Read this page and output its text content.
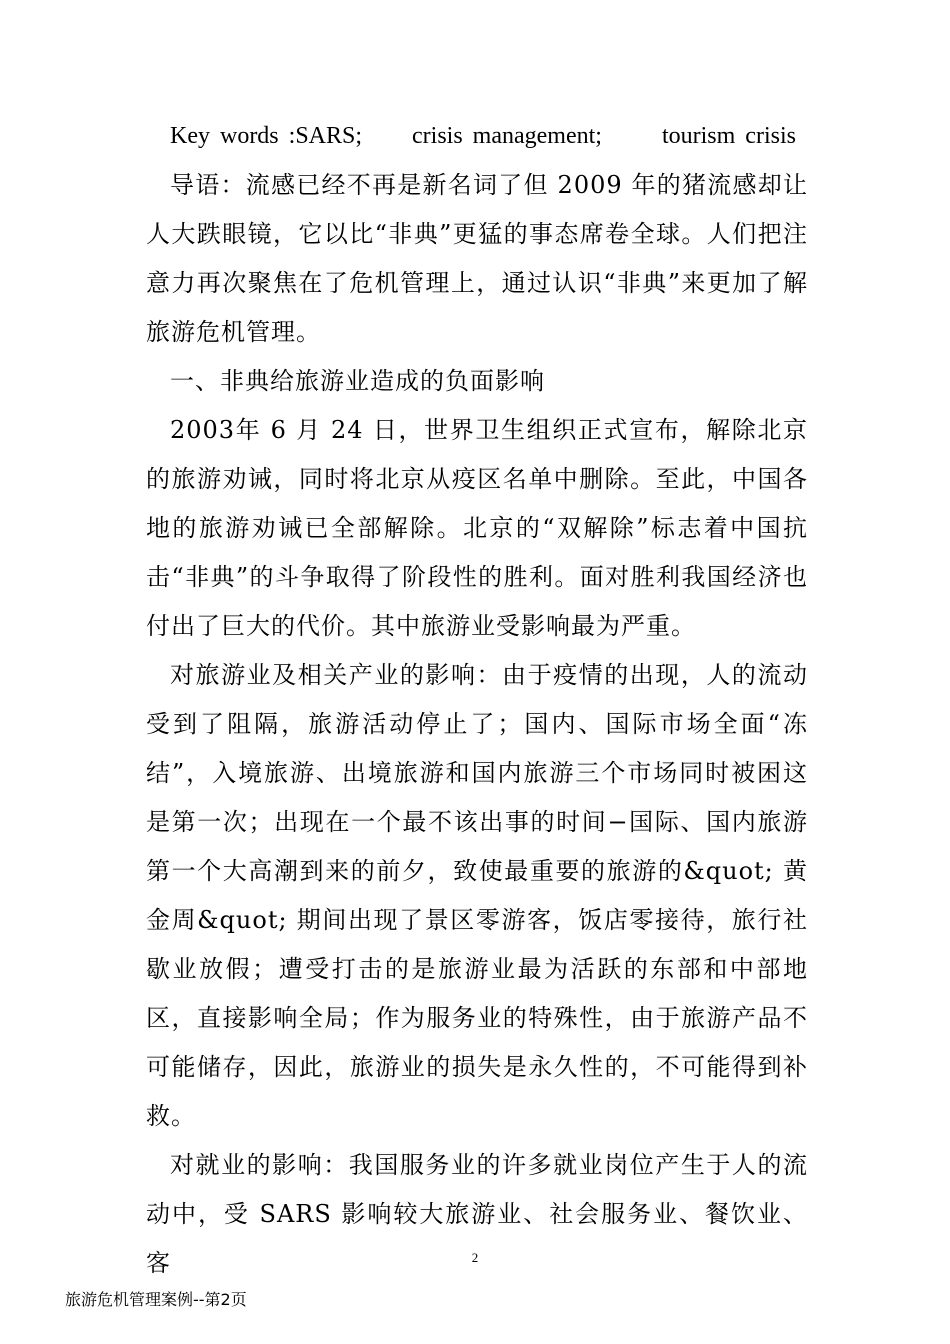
Key words :SARS;     crisis management;      tourism crisis

导语：流感已经不再是新名词了但 2009 年的猪流感却让人大跌眼镜，它以比“非典”更猛的事态席卷全球。人们把注意力再次聚焦在了危机管理上，通过认识“非典”来更加了解旅游危机管理。

一、非典给旅游业造成的负面影响

2003年 6 月 24 日，世界卫生组织正式宣布，解除北京的旅游劝诫，同时将北京从疫区名单中删除。至此，中国各地的旅游劝诫已全部解除。北京的“双解除”标志着中国抗击“非典”的斗争取得了阶段性的胜利。面对胜利我国经济也付出了巨大的代价。其中旅游业受影响最为严重。

对旅游业及相关产业的影响：由于疫情的出现，人的流动受到了阻隔，旅游活动停止了；国内、国际市场全面“冻结”，入境旅游、出境旅游和国内旅游三个市场同时被困这是第一次；出现在一个最不该出事的时间−国际、国内旅游第一个大高潮到来的前夕，致使最重要的旅游的&quot; 黄金周&quot; 期间出现了景区零游客，饭店零接待，旅行社歇业放假；遭受打击的是旅游业最为活跃的东部和中部地区，直接影响全局；作为服务业的特殊性，由于旅游产品不可能储存，因此，旅游业的损失是永久性的，不可能得到补救。

对就业的影响：我国服务业的许多就业岗位产生于人的流动中，受 SARS 影响较大旅游业、社会服务业、餐饮业、客	2
旅游危机管理案例--第2页
